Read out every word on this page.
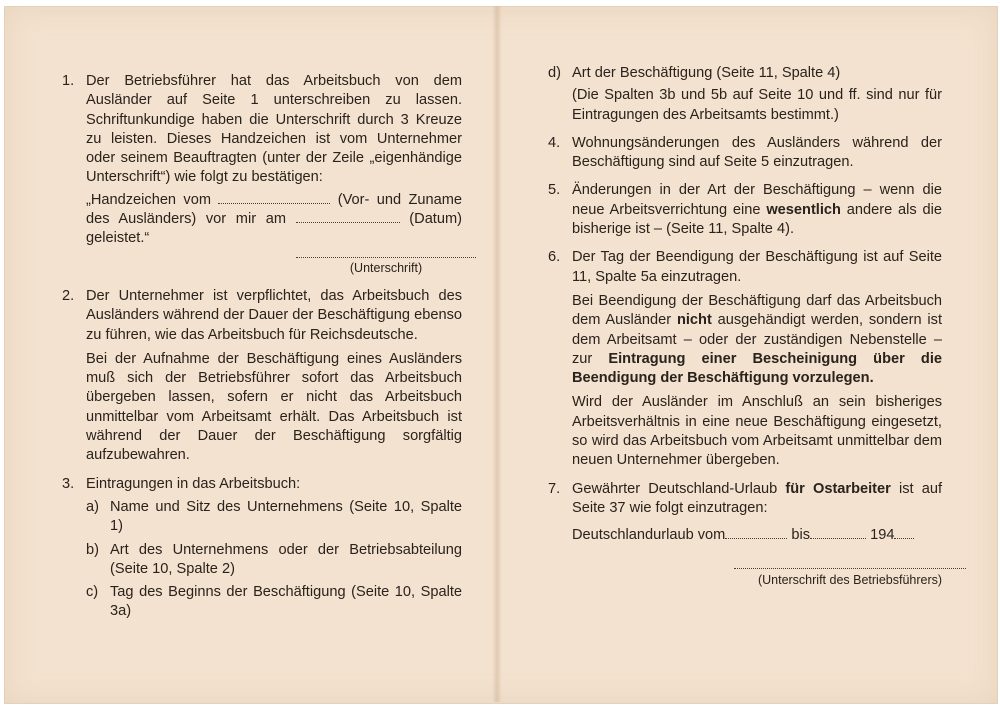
1. Der Betriebsführer hat das Arbeitsbuch von dem Ausländer auf Seite 1 unterschreiben zu lassen. Schriftunkundige haben die Unterschrift durch 3 Kreuze zu leisten. Dieses Handzeichen ist vom Unternehmer oder seinem Beauftragten (unter der Zeile „eigenhändige Unterschrift“) wie folgt zu bestätigen:

„Handzeichen vom	(Vor- und Zuname des Ausländers) vor mir am	(Datum) geleistet.“

(Unterschrift)
2. Der Unternehmer ist verpflichtet, das Arbeitsbuch des Ausländers während der Dauer der Beschäftigung ebenso zu führen, wie das Arbeitsbuch für Reichsdeutsche.

Bei der Aufnahme der Beschäftigung eines Ausländers muß sich der Betriebsführer sofort das Arbeitsbuch übergeben lassen, sofern er nicht das Arbeitsbuch unmittelbar vom Arbeitsamt erhält. Das Arbeitsbuch ist während der Dauer der Beschäftigung sorgfältig aufzubewahren.

3. Eintragungen in das Arbeitsbuch:

a) Name und Sitz des Unternehmens (Seite 10, Spalte 1)
b) Art des Unternehmens oder der Betriebsabteilung (Seite 10, Spalte 2)
c) Tag des Beginns der Beschäftigung (Seite 10, Spalte 3a)
d) Art der Beschäftigung (Seite 11, Spalte 4)

(Die Spalten 3b und 5b auf Seite 10 und ff. sind nur für Eintragungen des Arbeitsamts bestimmt.)

4. Wohnungsänderungen des Ausländers während der Beschäftigung sind auf Seite 5 einzutragen.
5. Änderungen in der Art der Beschäftigung – wenn die neue Arbeitsverrichtung eine wesentlich andere als die bisherige ist – (Seite 11, Spalte 4).
6. Der Tag der Beendigung der Beschäftigung ist auf Seite 11, Spalte 5a einzutragen.

Bei Beendigung der Beschäftigung darf das Arbeitsbuch dem Ausländer nicht ausgehändigt werden, sondern ist dem Arbeitsamt – oder der zuständigen Nebenstelle – zur Eintragung einer Bescheinigung über die Beendigung der Beschäftigung vorzulegen.

Wird der Ausländer im Anschluß an sein bisheriges Arbeitsverhältnis in eine neue Beschäftigung eingesetzt, so wird das Arbeitsbuch vom Arbeitsamt unmittelbar dem neuen Unternehmer übergeben.

7. Gewährter Deutschland-Urlaub für Ostarbeiter ist auf Seite 37 wie folgt einzutragen:

Deutschlandurlaub vom	bis	194

(Unterschrift des Betriebsführers)
